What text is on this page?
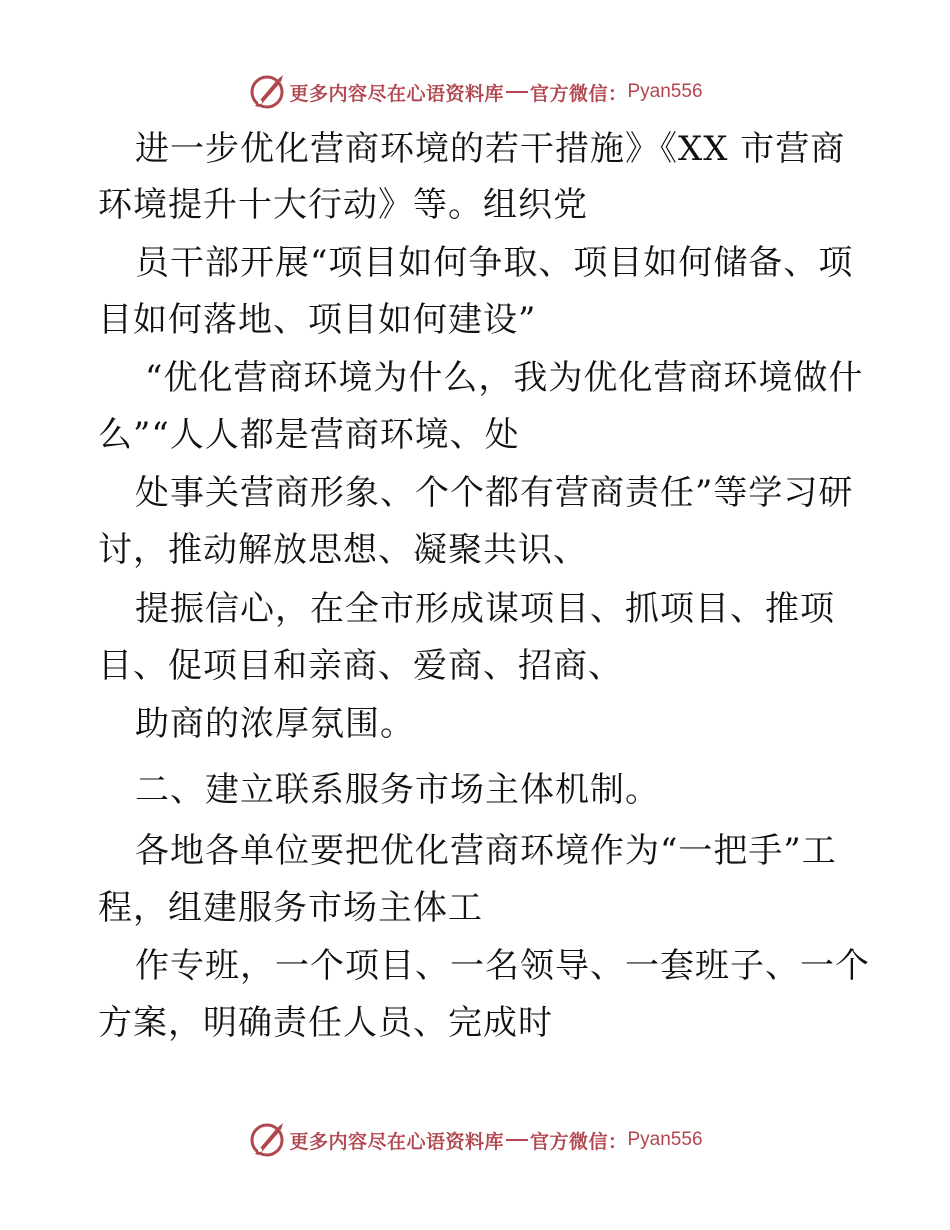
更多内容尽在心语资料库 官方微信： Pyan556
进一步优化营商环境的若干措施》《XX 市营商
环境提升十大行动》等。组织党
员干部开展“项目如何争取、项目如何储备、项
目如何落地、项目如何建设”
“优化营商环境为什么，我为优化营商环境做什
么”“人人都是营商环境、处
处事关营商形象、个个都有营商责任”等学习研
讨，推动解放思想、凝聚共识、
提振信心，在全市形成谋项目、抓项目、推项
目、促项目和亲商、爱商、招商、
助商的浓厚氛围。
二、建立联系服务市场主体机制。
各地各单位要把优化营商环境作为“一把手”工
程，组建服务市场主体工
作专班，一个项目、一名领导、一套班子、一个
方案，明确责任人员、完成时
更多内容尽在心语资料库 官方微信： Pyan556
